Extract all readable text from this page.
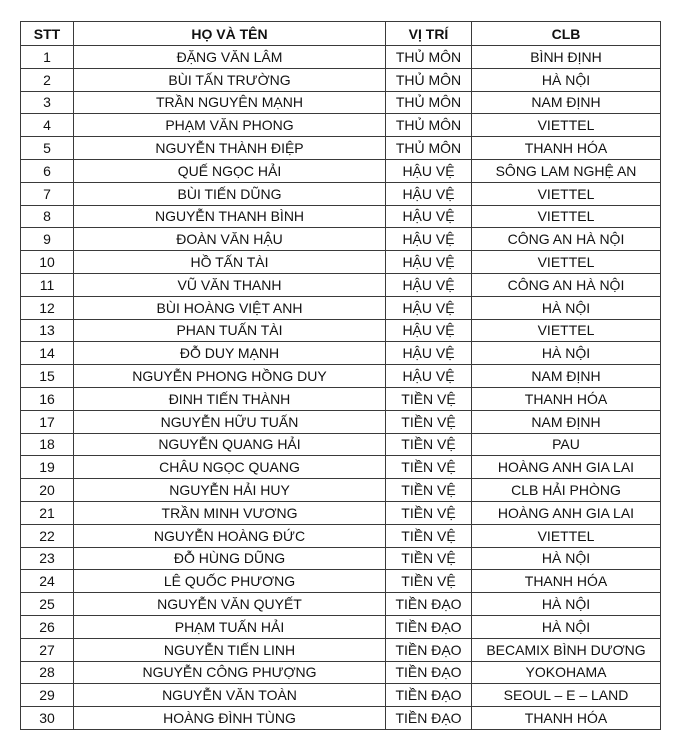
STT	HỌ VÀ TÊN	VỊ TRÍ	CLB
1	ĐẶNG VĂN LÂM	THỦ MÔN	BÌNH ĐỊNH
2	BÙI TẤN TRƯỜNG	THỦ MÔN	HÀ NỘI
3	TRẦN NGUYÊN MẠNH	THỦ MÔN	NAM ĐỊNH
4	PHẠM VĂN PHONG	THỦ MÔN	VIETTEL
5	NGUYỄN THÀNH ĐIỆP	THỦ MÔN	THANH HÓA
6	QUẾ NGỌC HẢI	HẬU VỆ	SÔNG LAM NGHỆ AN
7	BÙI TIẾN DŨNG	HẬU VỆ	VIETTEL
8	NGUYỄN THANH BÌNH	HẬU VỆ	VIETTEL
9	ĐOÀN VĂN HẬU	HẬU VỆ	CÔNG AN HÀ NỘI
10	HỒ TẤN TÀI	HẬU VỆ	VIETTEL
11	VŨ VĂN THANH	HẬU VỆ	CÔNG AN HÀ NỘI
12	BÙI HOÀNG VIỆT ANH	HẬU VỆ	HÀ NỘI
13	PHAN TUẤN TÀI	HẬU VỆ	VIETTEL
14	ĐỖ DUY MẠNH	HẬU VỆ	HÀ NỘI
15	NGUYỄN PHONG HỒNG DUY	HẬU VỆ	NAM ĐỊNH
16	ĐINH TIẾN THÀNH	TIỀN VỆ	THANH HÓA
17	NGUYỄN HỮU TUẤN	TIỀN VỆ	NAM ĐỊNH
18	NGUYỄN QUANG HẢI	TIỀN VỆ	PAU
19	CHÂU NGỌC QUANG	TIỀN VỆ	HOÀNG ANH GIA LAI
20	NGUYỄN HẢI HUY	TIỀN VỆ	CLB HẢI PHÒNG
21	TRẦN MINH VƯƠNG	TIỀN VỆ	HOÀNG ANH GIA LAI
22	NGUYỄN HOÀNG ĐỨC	TIỀN VỆ	VIETTEL
23	ĐỖ HÙNG DŨNG	TIỀN VỆ	HÀ NỘI
24	LÊ QUỐC PHƯƠNG	TIỀN VỆ	THANH HÓA
25	NGUYỄN VĂN QUYẾT	TIỀN ĐẠO	HÀ NỘI
26	PHẠM TUẤN HẢI	TIỀN ĐẠO	HÀ NỘI
27	NGUYỄN TIẾN LINH	TIỀN ĐẠO	BECAMIX BÌNH DƯƠNG
28	NGUYỄN CÔNG PHƯỢNG	TIỀN ĐẠO	YOKOHAMA
29	NGUYỄN VĂN TOÀN	TIỀN ĐẠO	SEOUL – E – LAND
30	HOÀNG ĐÌNH TÙNG	TIỀN ĐẠO	THANH HÓA
